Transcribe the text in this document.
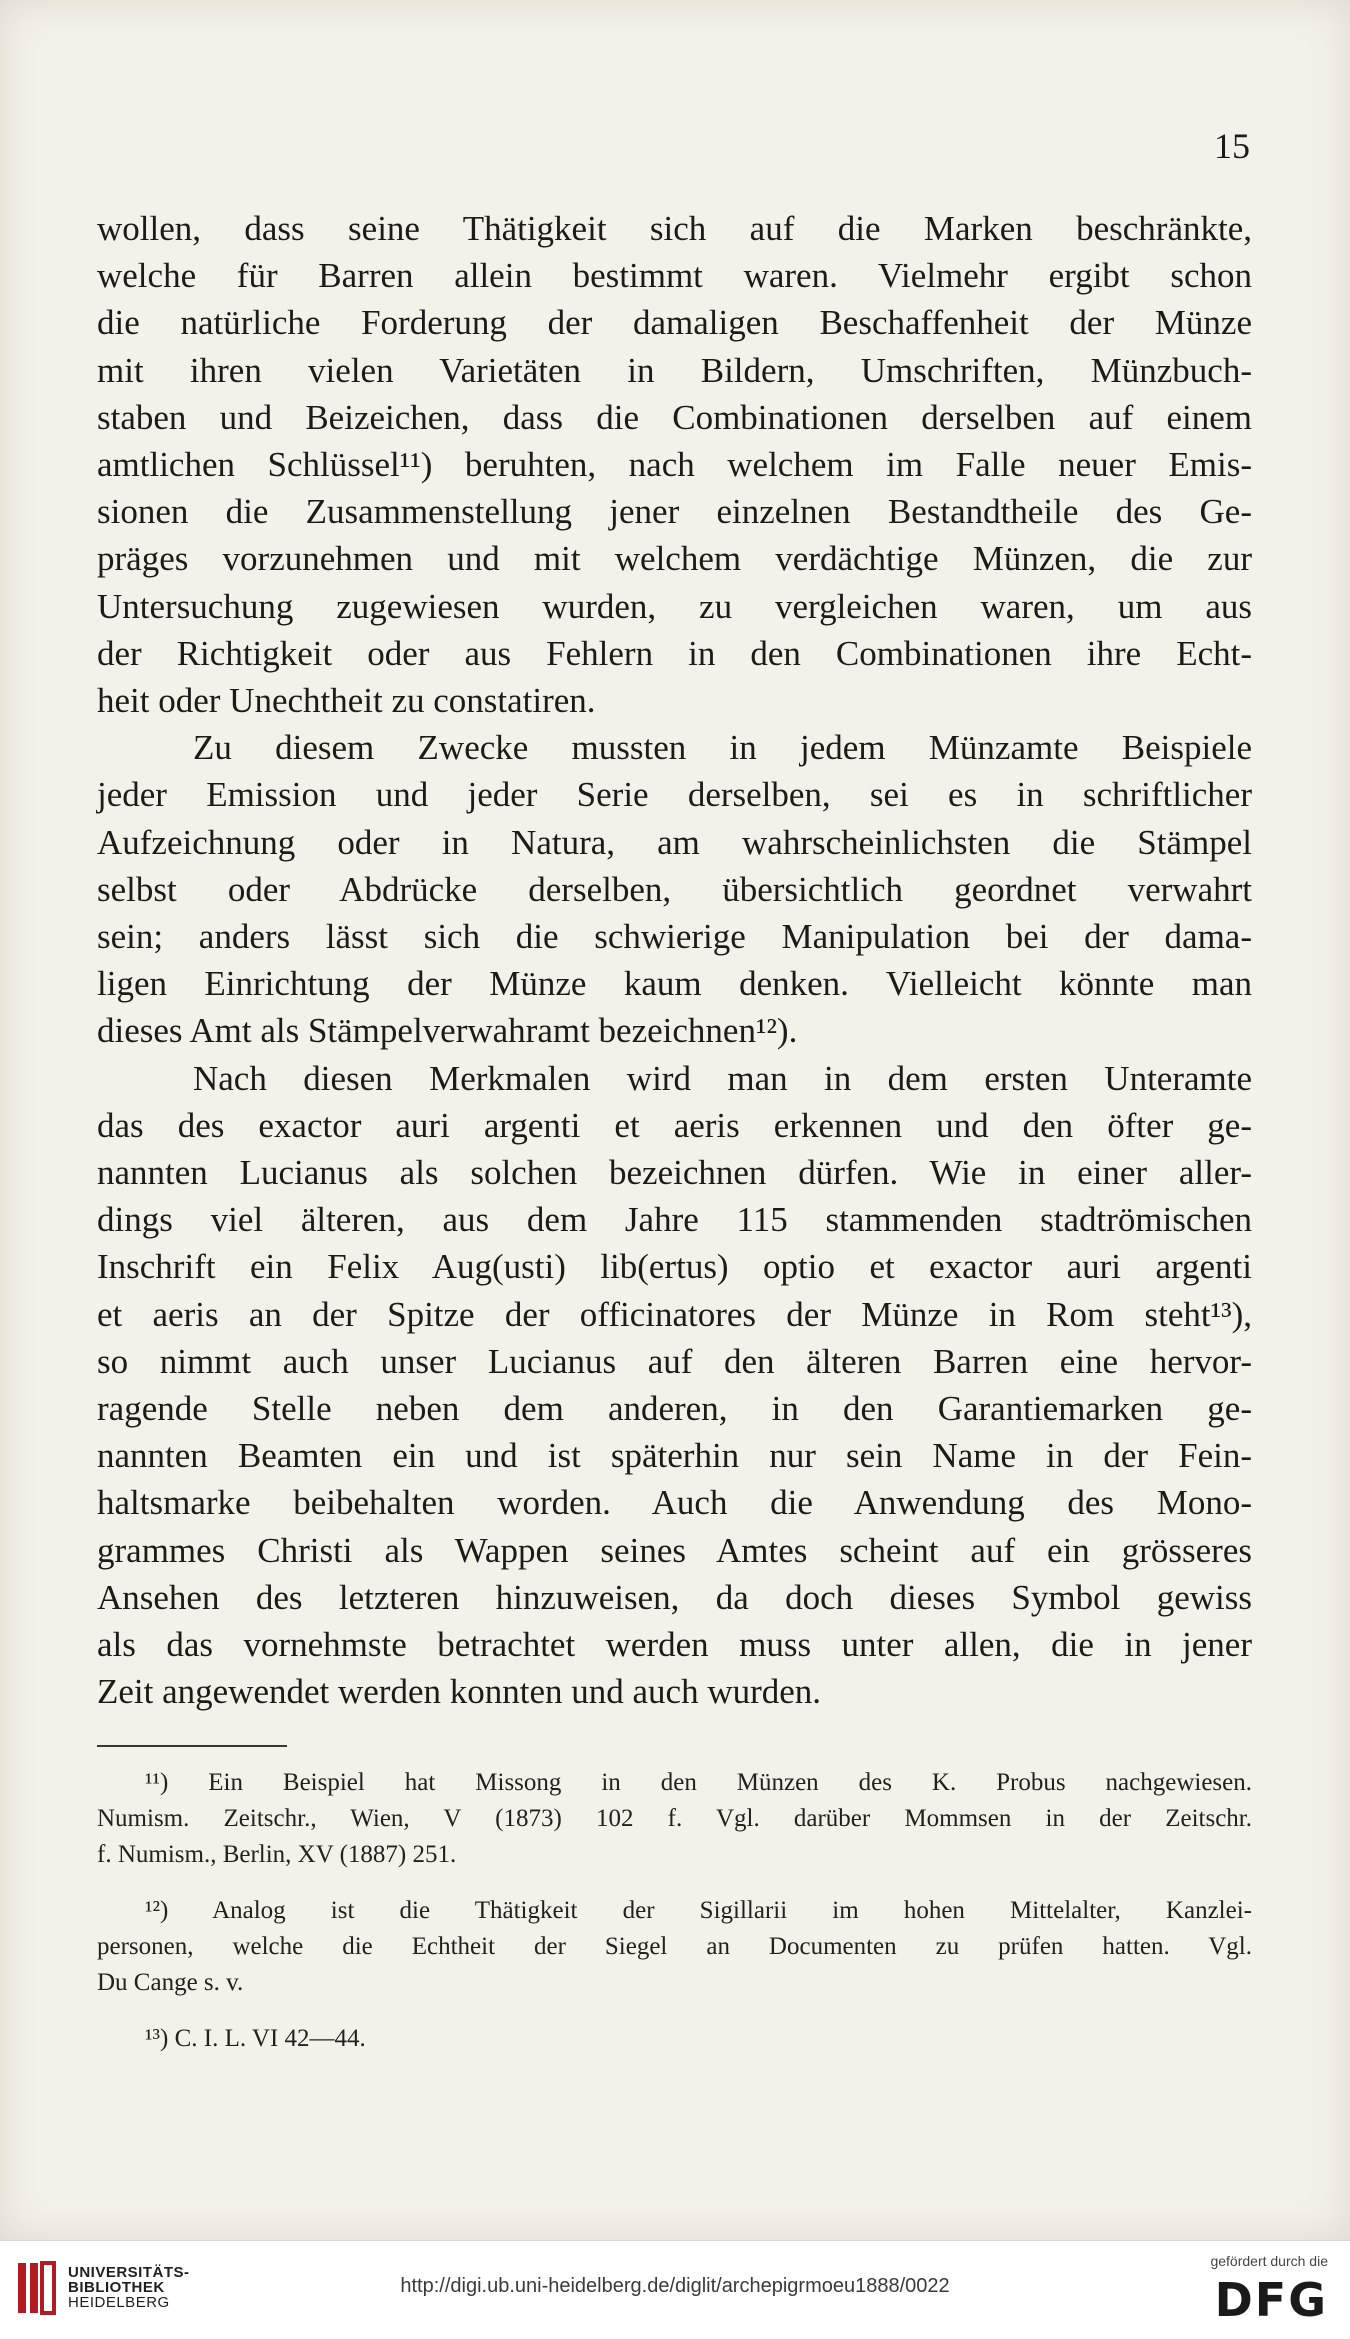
15

wollen, dass seine Thätigkeit sich auf die Marken beschränkte,
welche für Barren allein bestimmt waren. Vielmehr ergibt schon
die natürliche Forderung der damaligen Beschaffenheit der Münze
mit ihren vielen Varietäten in Bildern, Umschriften, Münzbuch-
staben und Beizeichen, dass die Combinationen derselben auf einem
amtlichen Schlüssel¹¹) beruhten, nach welchem im Falle neuer Emis-
sionen die Zusammenstellung jener einzelnen Bestandtheile des Ge-
präges vorzunehmen und mit welchem verdächtige Münzen, die zur
Untersuchung zugewiesen wurden, zu vergleichen waren, um aus
der Richtigkeit oder aus Fehlern in den Combinationen ihre Echt-
heit oder Unechtheit zu constatiren.

Zu diesem Zwecke mussten in jedem Münzamte Beispiele
jeder Emission und jeder Serie derselben, sei es in schriftlicher
Aufzeichnung oder in Natura, am wahrscheinlichsten die Stämpel
selbst oder Abdrücke derselben, übersichtlich geordnet verwahrt
sein; anders lässt sich die schwierige Manipulation bei der dama-
ligen Einrichtung der Münze kaum denken. Vielleicht könnte man
dieses Amt als Stämpelverwahramt bezeichnen¹²).

Nach diesen Merkmalen wird man in dem ersten Unteramte
das des exactor auri argenti et aeris erkennen und den öfter ge-
nannten Lucianus als solchen bezeichnen dürfen. Wie in einer aller-
dings viel älteren, aus dem Jahre 115 stammenden stadtrömischen
Inschrift ein Felix Aug(usti) lib(ertus) optio et exactor auri argenti
et aeris an der Spitze der officinatores der Münze in Rom steht¹³),
so nimmt auch unser Lucianus auf den älteren Barren eine hervor-
ragende Stelle neben dem anderen, in den Garantiemarken ge-
nannten Beamten ein und ist späterhin nur sein Name in der Fein-
haltsmarke beibehalten worden. Auch die Anwendung des Mono-
grammes Christi als Wappen seines Amtes scheint auf ein grösseres
Ansehen des letzteren hinzuweisen, da doch dieses Symbol gewiss
als das vornehmste betrachtet werden muss unter allen, die in jener
Zeit angewendet werden konnten und auch wurden.

¹¹) Ein Beispiel hat Missong in den Münzen des K. Probus nachgewiesen.
Numism. Zeitschr., Wien, V (1873) 102 f. Vgl. darüber Mommsen in der Zeitschr.
f. Numism., Berlin, XV (1887) 251.
¹²) Analog ist die Thätigkeit der Sigillarii im hohen Mittelalter, Kanzlei-
personen, welche die Echtheit der Siegel an Documenten zu prüfen hatten. Vgl.
Du Cange s. v.
¹³) C. I. L. VI 42—44.
UNIVERSITÄTS-
BIBLIOTHEK
HEIDELBERG
http://digi.ub.uni-heidelberg.de/diglit/archepigrmoeu1888/0022
gefördert durch die
DFG
